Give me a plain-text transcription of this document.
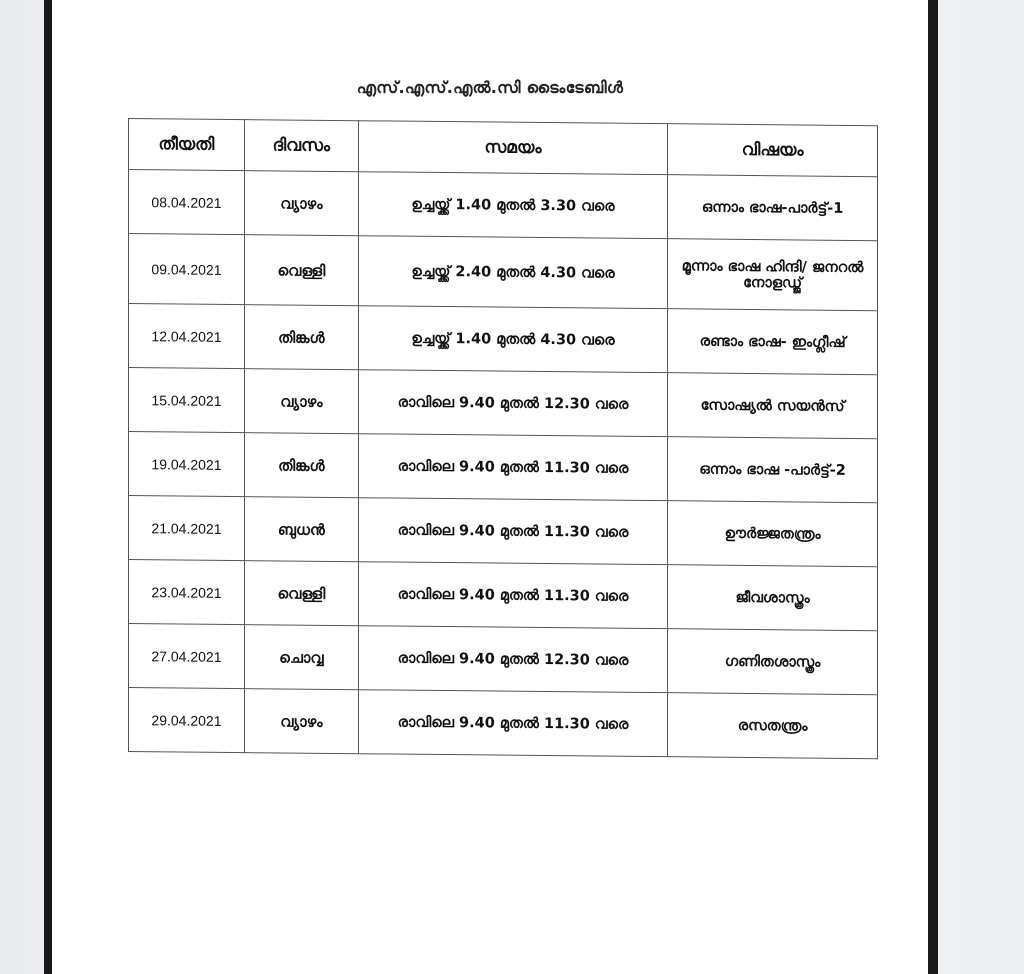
എസ്.എസ്.എൽ.സി ടൈംടേബിൾ
തീയതി	ദിവസം	സമയം	വിഷയം
08.04.2021	വ്യാഴം	ഉച്ചയ്ക്ക് 1.40 മുതൽ 3.30 വരെ	ഒന്നാം ഭാഷ-പാർട്ട്-1
09.04.2021	വെള്ളി	ഉച്ചയ്ക്ക് 2.40 മുതൽ 4.30 വരെ	മൂന്നാം ഭാഷ ഹിന്ദി/ ജനറൽ നോളഡ്ജ്
12.04.2021	തിങ്കൾ	ഉച്ചയ്ക്ക് 1.40 മുതൽ 4.30 വരെ	രണ്ടാം ഭാഷ- ഇംഗ്ലീഷ്
15.04.2021	വ്യാഴം	രാവിലെ 9.40 മുതൽ 12.30 വരെ	സോഷ്യൽ സയൻസ്
19.04.2021	തിങ്കൾ	രാവിലെ 9.40 മുതൽ 11.30 വരെ	ഒന്നാം ഭാഷ -പാർട്ട്-2
21.04.2021	ബുധൻ	രാവിലെ 9.40 മുതൽ 11.30 വരെ	ഊർജ്ജതന്ത്രം
23.04.2021	വെള്ളി	രാവിലെ 9.40 മുതൽ 11.30 വരെ	ജീവശാസ്ത്രം
27.04.2021	ചൊവ്വ	രാവിലെ 9.40 മുതൽ 12.30 വരെ	ഗണിതശാസ്ത്രം
29.04.2021	വ്യാഴം	രാവിലെ 9.40 മുതൽ 11.30 വരെ	രസതന്ത്രം
